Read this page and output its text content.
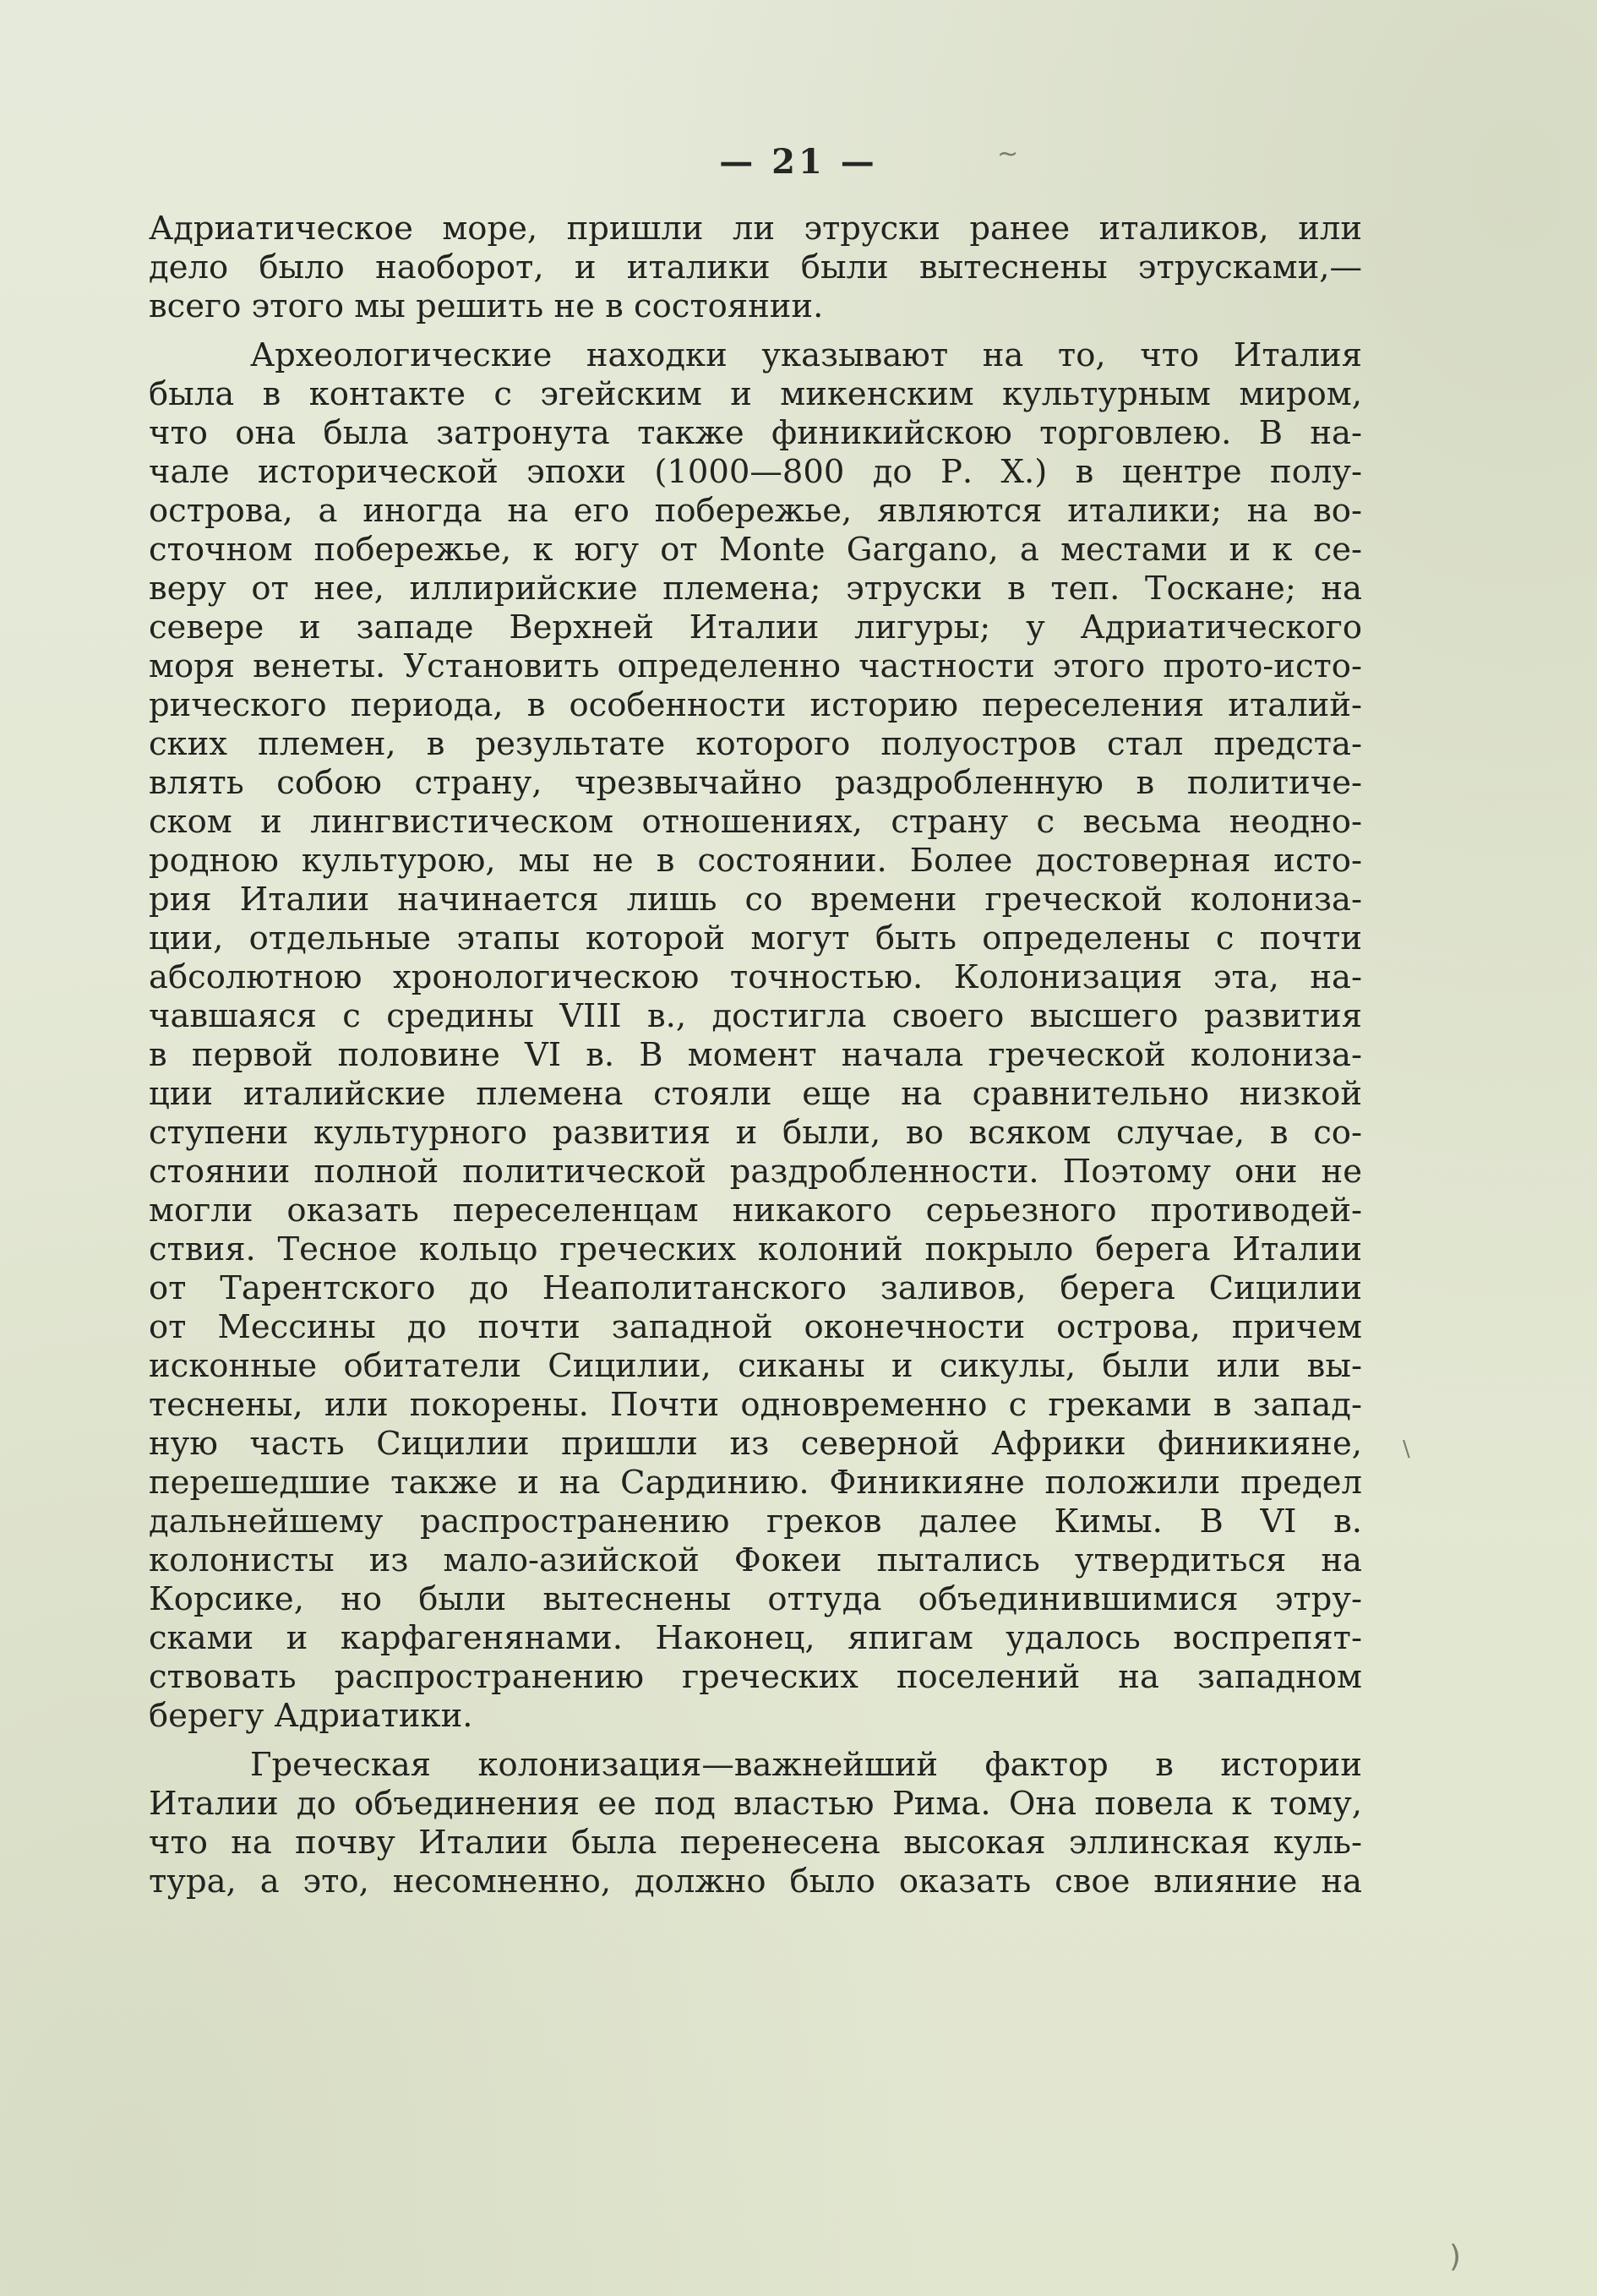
— 21 —

Адриатическое море, пришли ли этруски ранее италиков, или
дело было наоборот, и италики были вытеснены этрусками,—
всего этого мы решить не в состоянии.
Археологические находки указывают на то, что Италия
была в контакте с эгейским и микенским культурным миром,
что она была затронута также финикийскою торговлею. В на-
чале исторической эпохи (1000—800 до Р. Х.) в центре полу-
острова, а иногда на его побережье, являются италики; на во-
сточном побережье, к югу от Monte Gargano, а местами и к се-
веру от нее, иллирийские племена; этруски в теп. Тоскане; на
севере и западе Верхней Италии лигуры; у Адриатического
моря венеты. Установить определенно частности этого прото-исто-
рического периода, в особенности историю переселения италий-
ских племен, в результате которого полуостров стал предста-
влять собою страну, чрезвычайно раздробленную в политиче-
ском и лингвистическом отношениях, страну с весьма неодно-
родною культурою, мы не в состоянии. Более достоверная исто-
рия Италии начинается лишь со времени греческой колониза-
ции, отдельные этапы которой могут быть определены с почти
абсолютною хронологическою точностью. Колонизация эта, на-
чавшаяся с средины VIII в., достигла своего высшего развития
в первой половине VI в. В момент начала греческой колониза-
ции италийские племена стояли еще на сравнительно низкой
ступени культурного развития и были, во всяком случае, в со-
стоянии полной политической раздробленности. Поэтому они не
могли оказать переселенцам никакого серьезного противодей-
ствия. Тесное кольцо греческих колоний покрыло берега Италии
от Тарентского до Неаполитанского заливов, берега Сицилии
от Мессины до почти западной оконечности острова, причем
исконные обитатели Сицилии, сиканы и сикулы, были или вы-
теснены, или покорены. Почти одновременно с греками в запад-
ную часть Сицилии пришли из северной Африки финикияне,
перешедшие также и на Сардинию. Финикияне положили предел
дальнейшему распространению греков далее Кимы. В VI в.
колонисты из мало-азийской Фокеи пытались утвердиться на
Корсике, но были вытеснены оттуда объединившимися этру-
сками и карфагенянами. Наконец, япигам удалось воспрепят-
ствовать распространению греческих поселений на западном
берегу Адриатики.
Греческая колонизация—важнейший фактор в истории
Италии до объединения ее под властью Рима. Она повела к тому,
что на почву Италии была перенесена высокая эллинская куль-
тура, а это, несомненно, должно было оказать свое влияние на
~
\
)
